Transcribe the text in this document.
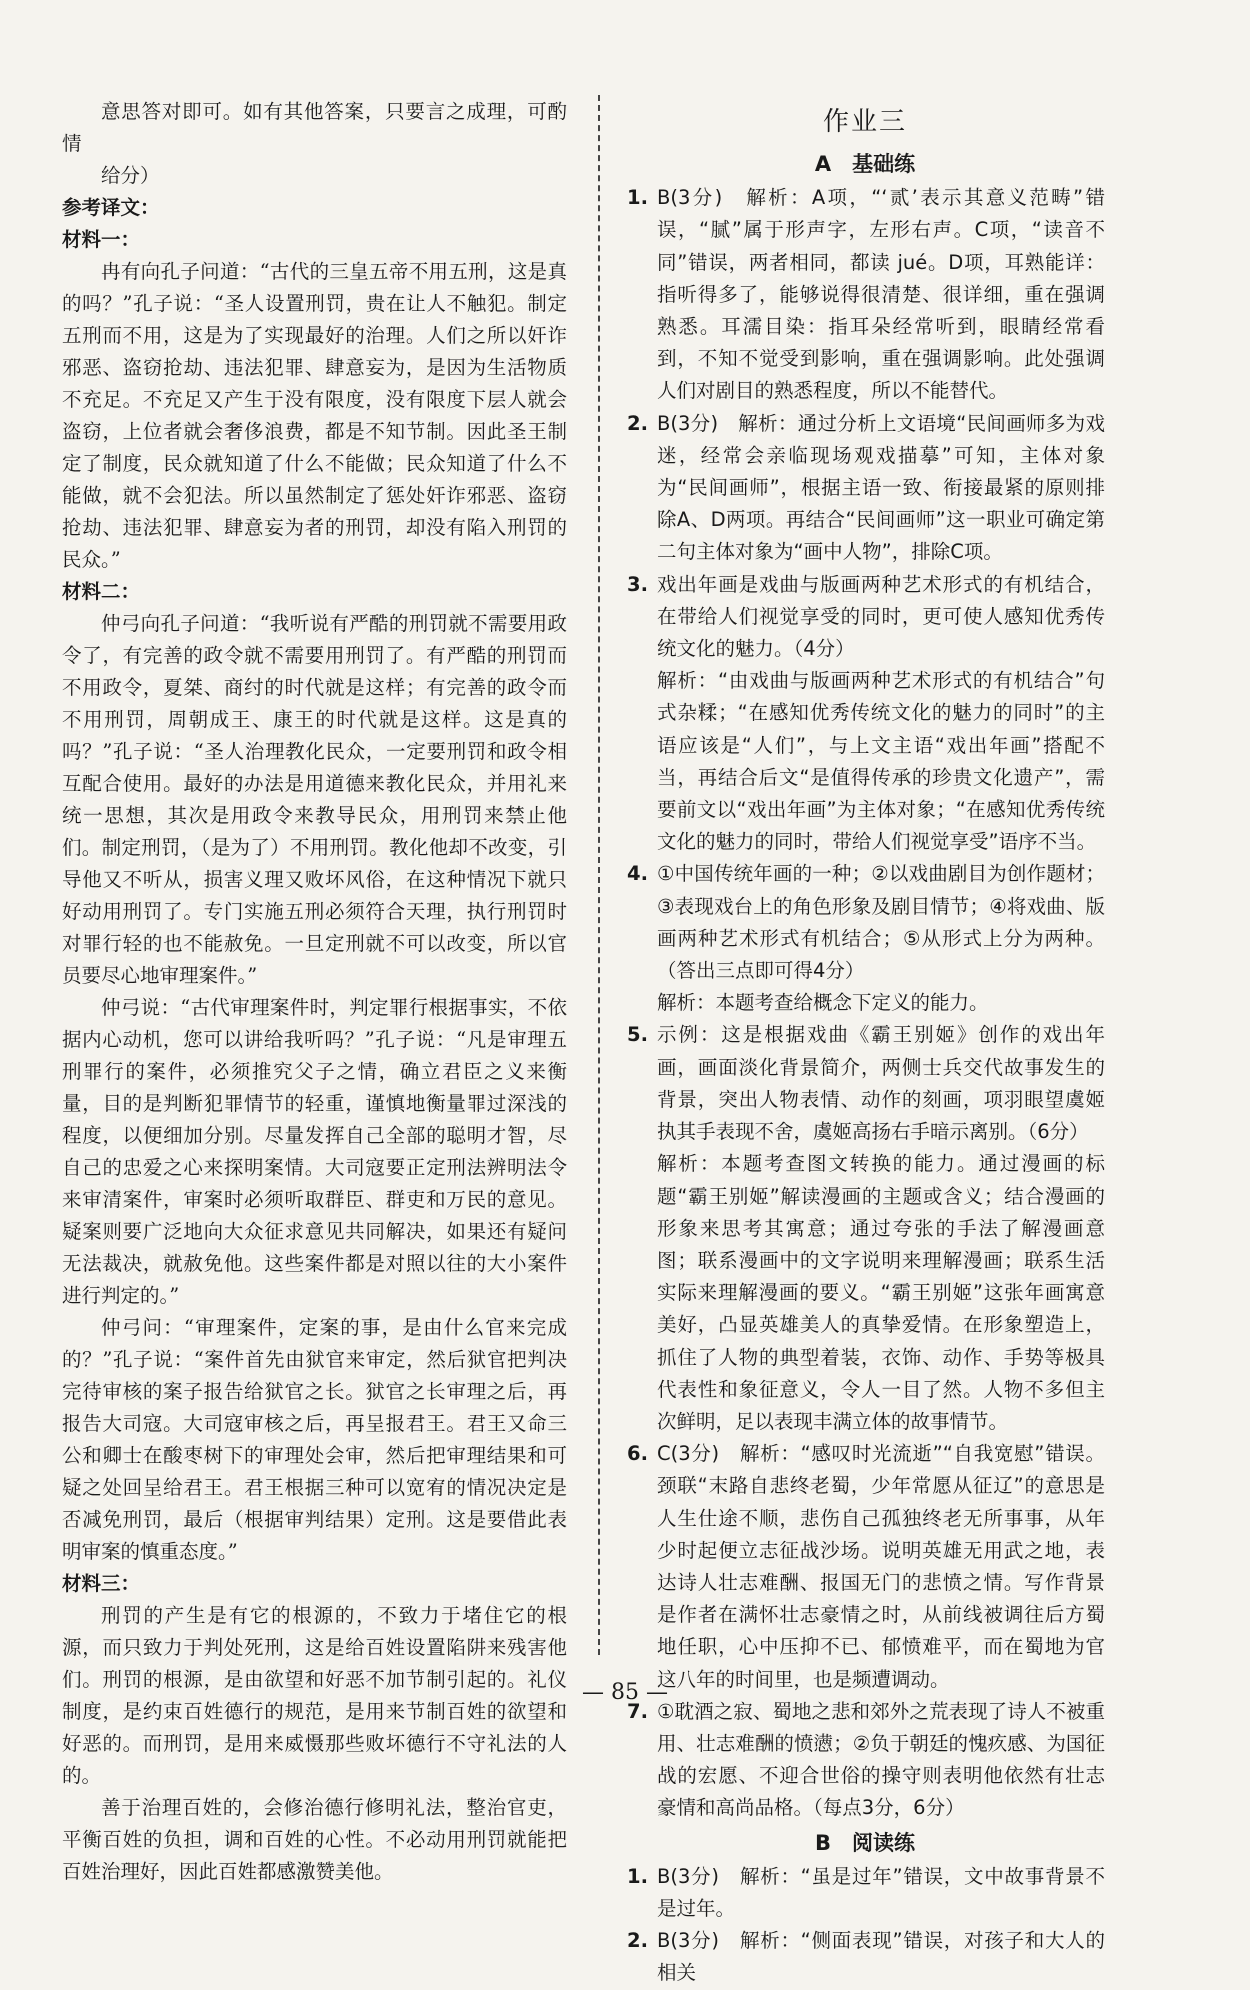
意思答对即可。如有其他答案，只要言之成理，可酌情

给分）

参考译文：

材料一：

冉有向孔子问道：“古代的三皇五帝不用五刑，这是真的吗？”孔子说：“圣人设置刑罚，贵在让人不触犯。制定五刑而不用，这是为了实现最好的治理。人们之所以奸诈邪恶、盗窃抢劫、违法犯罪、肆意妄为，是因为生活物质不充足。不充足又产生于没有限度，没有限度下层人就会盗窃，上位者就会奢侈浪费，都是不知节制。因此圣王制定了制度，民众就知道了什么不能做；民众知道了什么不能做，就不会犯法。所以虽然制定了惩处奸诈邪恶、盗窃抢劫、违法犯罪、肆意妄为者的刑罚，却没有陷入刑罚的民众。”

材料二：

仲弓向孔子问道：“我听说有严酷的刑罚就不需要用政令了，有完善的政令就不需要用刑罚了。有严酷的刑罚而不用政令，夏桀、商纣的时代就是这样；有完善的政令而不用刑罚，周朝成王、康王的时代就是这样。这是真的吗？”孔子说：“圣人治理教化民众，一定要刑罚和政令相互配合使用。最好的办法是用道德来教化民众，并用礼来统一思想，其次是用政令来教导民众，用刑罚来禁止他们。制定刑罚，（是为了）不用刑罚。教化他却不改变，引导他又不听从，损害义理又败坏风俗，在这种情况下就只好动用刑罚了。专门实施五刑必须符合天理，执行刑罚时对罪行轻的也不能赦免。一旦定刑就不可以改变，所以官员要尽心地审理案件。”

仲弓说：“古代审理案件时，判定罪行根据事实，不依据内心动机，您可以讲给我听吗？”孔子说：“凡是审理五刑罪行的案件，必须推究父子之情，确立君臣之义来衡量，目的是判断犯罪情节的轻重，谨慎地衡量罪过深浅的程度，以便细加分别。尽量发挥自己全部的聪明才智，尽自己的忠爱之心来探明案情。大司寇要正定刑法辨明法令来审清案件，审案时必须听取群臣、群吏和万民的意见。疑案则要广泛地向大众征求意见共同解决，如果还有疑问无法裁决，就赦免他。这些案件都是对照以往的大小案件进行判定的。”

仲弓问：“审理案件，定案的事，是由什么官来完成的？”孔子说：“案件首先由狱官来审定，然后狱官把判决完待审核的案子报告给狱官之长。狱官之长审理之后，再报告大司寇。大司寇审核之后，再呈报君王。君王又命三公和卿士在酸枣树下的审理处会审，然后把审理结果和可疑之处回呈给君王。君王根据三种可以宽宥的情况决定是否减免刑罚，最后（根据审判结果）定刑。这是要借此表明审案的慎重态度。”

材料三：

刑罚的产生是有它的根源的，不致力于堵住它的根源，而只致力于判处死刑，这是给百姓设置陷阱来残害他们。刑罚的根源，是由欲望和好恶不加节制引起的。礼仪制度，是约束百姓德行的规范，是用来节制百姓的欲望和好恶的。而刑罚，是用来威慑那些败坏德行不守礼法的人的。

善于治理百姓的，会修治德行修明礼法，整治官吏，平衡百姓的负担，调和百姓的心性。不必动用刑罚就能把百姓治理好，因此百姓都感激赞美他。

作业三
A　基础练

1. B(3分)　解析：A项，“‘贰’表示其意义范畴”错误，“腻”属于形声字，左形右声。C项，“读音不同”错误，两者相同，都读 jué。D项，耳熟能详：指听得多了，能够说得很清楚、很详细，重在强调熟悉。耳濡目染：指耳朵经常听到，眼睛经常看到，不知不觉受到影响，重在强调影响。此处强调人们对剧目的熟悉程度，所以不能替代。

2. B(3分)　解析：通过分析上文语境“民间画师多为戏迷，经常会亲临现场观戏描摹”可知，主体对象为“民间画师”，根据主语一致、衔接最紧的原则排除A、D两项。再结合“民间画师”这一职业可确定第二句主体对象为“画中人物”，排除C项。

3. 戏出年画是戏曲与版画两种艺术形式的有机结合，在带给人们视觉享受的同时，更可使人感知优秀传统文化的魅力。（4分）

解析：“由戏曲与版画两种艺术形式的有机结合”句式杂糅；“在感知优秀传统文化的魅力的同时”的主语应该是“人们”，与上文主语“戏出年画”搭配不当，再结合后文“是值得传承的珍贵文化遗产”，需要前文以“戏出年画”为主体对象；“在感知优秀传统文化的魅力的同时，带给人们视觉享受”语序不当。

4. ①中国传统年画的一种；②以戏曲剧目为创作题材；③表现戏台上的角色形象及剧目情节；④将戏曲、版画两种艺术形式有机结合；⑤从形式上分为两种。（答出三点即可得4分）

解析：本题考查给概念下定义的能力。

5. 示例：这是根据戏曲《霸王别姬》创作的戏出年画，画面淡化背景简介，两侧士兵交代故事发生的背景，突出人物表情、动作的刻画，项羽眼望虞姬执其手表现不舍，虞姬高扬右手暗示离别。（6分）

解析：本题考查图文转换的能力。通过漫画的标题“霸王别姬”解读漫画的主题或含义；结合漫画的形象来思考其寓意；通过夸张的手法了解漫画意图；联系漫画中的文字说明来理解漫画；联系生活实际来理解漫画的要义。“霸王别姬”这张年画寓意美好，凸显英雄美人的真挚爱情。在形象塑造上，抓住了人物的典型着装，衣饰、动作、手势等极具代表性和象征意义，令人一目了然。人物不多但主次鲜明，足以表现丰满立体的故事情节。

6. C(3分)　解析：“感叹时光流逝”“自我宽慰”错误。颈联“末路自悲终老蜀，少年常愿从征辽”的意思是人生仕途不顺，悲伤自己孤独终老无所事事，从年少时起便立志征战沙场。说明英雄无用武之地，表达诗人壮志难酬、报国无门的悲愤之情。写作背景是作者在满怀壮志豪情之时，从前线被调往后方蜀地任职，心中压抑不已、郁愤难平，而在蜀地为官这八年的时间里，也是频遭调动。

7. ①耽酒之寂、蜀地之悲和郊外之荒表现了诗人不被重用、壮志难酬的愤懑；②负于朝廷的愧疚感、为国征战的宏愿、不迎合世俗的操守则表明他依然有壮志豪情和高尚品格。（每点3分，6分）

B　阅读练

1. B(3分)　解析：“虽是过年”错误，文中故事背景不是过年。

2. B(3分)　解析：“侧面表现”错误，对孩子和大人的相关

— 85 —
